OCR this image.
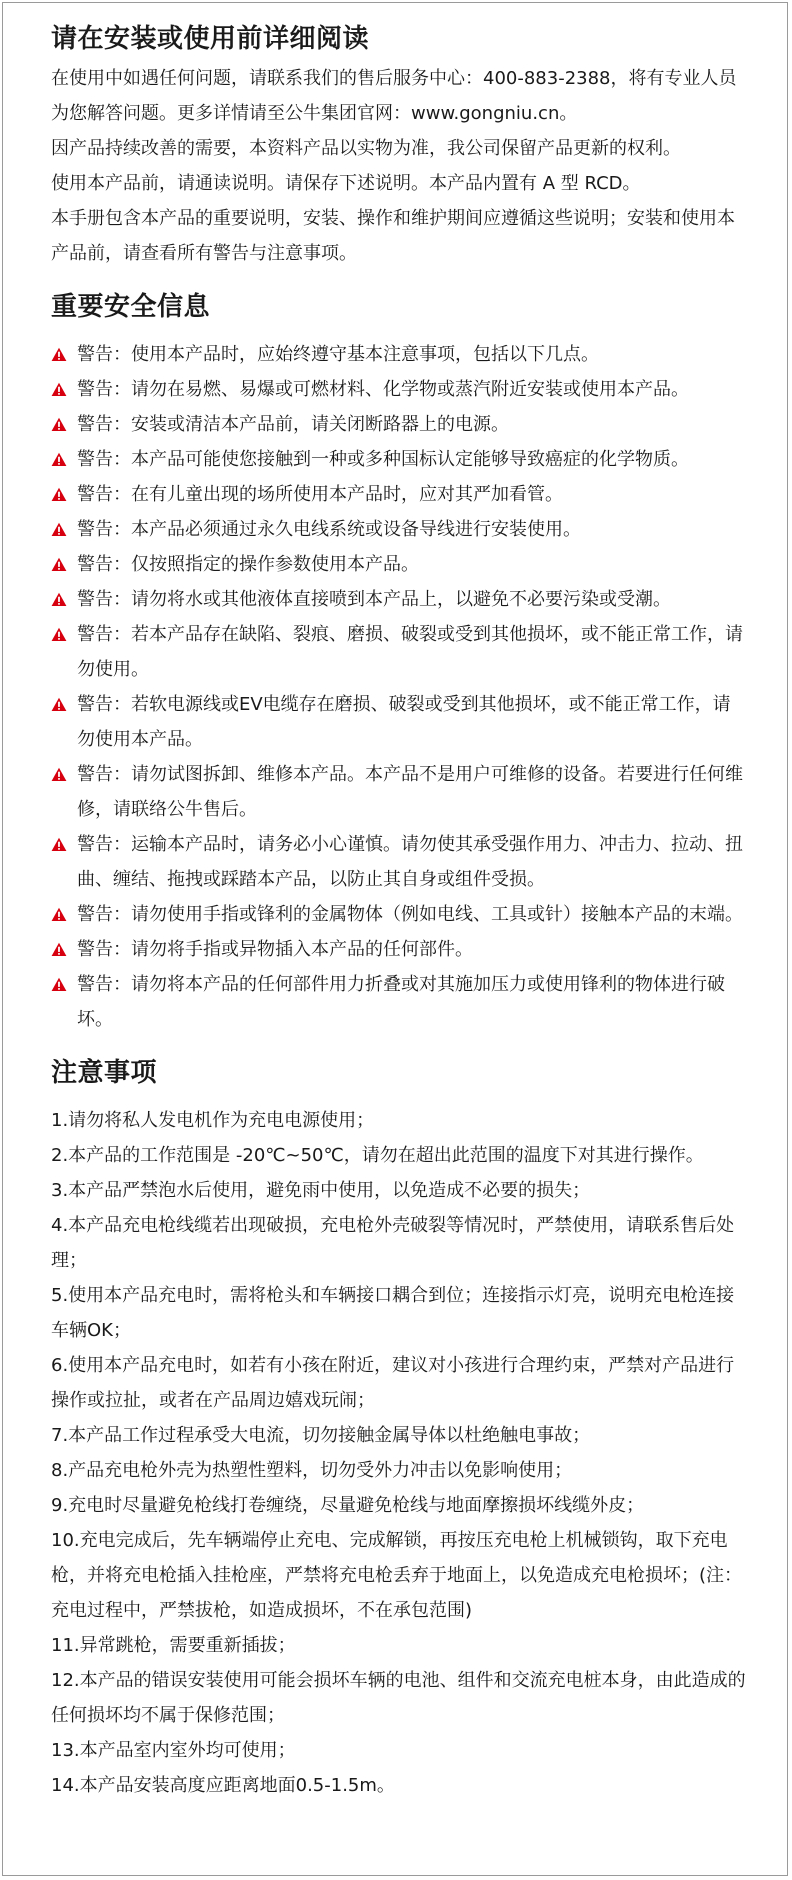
请在安装或使用前详细阅读

在使用中如遇任何问题，请联系我们的售后服务中心：400-883-2388，将有专业人员为您解答问题。更多详情请至公牛集团官网：www.gongniu.cn。

因产品持续改善的需要，本资料产品以实物为准，我公司保留产品更新的权利。

使用本产品前，请通读说明。请保存下述说明。本产品内置有 A 型 RCD。

本手册包含本产品的重要说明，安装、操作和维护期间应遵循这些说明；安装和使用本产品前，请查看所有警告与注意事项。

重要安全信息
警告：使用本产品时，应始终遵守基本注意事项，包括以下几点。
警告：请勿在易燃、易爆或可燃材料、化学物或蒸汽附近安装或使用本产品。
警告：安装或清洁本产品前，请关闭断路器上的电源。
警告：本产品可能使您接触到一种或多种国标认定能够导致癌症的化学物质。
警告：在有儿童出现的场所使用本产品时，应对其严加看管。
警告：本产品必须通过永久电线系统或设备导线进行安装使用。
警告：仅按照指定的操作参数使用本产品。
警告：请勿将水或其他液体直接喷到本产品上，以避免不必要污染或受潮。
警告：若本产品存在缺陷、裂痕、磨损、破裂或受到其他损坏，或不能正常工作，请勿使用。
警告：若软电源线或EV电缆存在磨损、破裂或受到其他损坏，或不能正常工作，请勿使用本产品。
警告：请勿试图拆卸、维修本产品。本产品不是用户可维修的设备。若要进行任何维修，请联络公牛售后。
警告：运输本产品时，请务必小心谨慎。请勿使其承受强作用力、冲击力、拉动、扭曲、缠结、拖拽或踩踏本产品，以防止其自身或组件受损。
警告：请勿使用手指或锋利的金属物体（例如电线、工具或针）接触本产品的末端。
警告：请勿将手指或异物插入本产品的任何部件。
警告：请勿将本产品的任何部件用力折叠或对其施加压力或使用锋利的物体进行破坏。
注意事项

1.请勿将私人发电机作为充电电源使用；

2.本产品的工作范围是 -20℃~50℃，请勿在超出此范围的温度下对其进行操作。

3.本产品严禁泡水后使用，避免雨中使用，以免造成不必要的损失；

4.本产品充电枪线缆若出现破损，充电枪外壳破裂等情况时，严禁使用，请联系售后处理；

5.使用本产品充电时，需将枪头和车辆接口耦合到位；连接指示灯亮，说明充电枪连接车辆OK；

6.使用本产品充电时，如若有小孩在附近，建议对小孩进行合理约束，严禁对产品进行操作或拉扯，或者在产品周边嬉戏玩闹；

7.本产品工作过程承受大电流，切勿接触金属导体以杜绝触电事故；

8.产品充电枪外壳为热塑性塑料，切勿受外力冲击以免影响使用；

9.充电时尽量避免枪线打卷缠绕，尽量避免枪线与地面摩擦损坏线缆外皮；

10.充电完成后，先车辆端停止充电、完成解锁，再按压充电枪上机械锁钩，取下充电枪，并将充电枪插入挂枪座，严禁将充电枪丢弃于地面上，以免造成充电枪损坏；(注：充电过程中，严禁拔枪，如造成损坏，不在承包范围)

11.异常跳枪，需要重新插拔；

12.本产品的错误安装使用可能会损坏车辆的电池、组件和交流充电桩本身，由此造成的任何损坏均不属于保修范围；

13.本产品室内室外均可使用；

14.本产品安装高度应距离地面0.5-1.5m。
